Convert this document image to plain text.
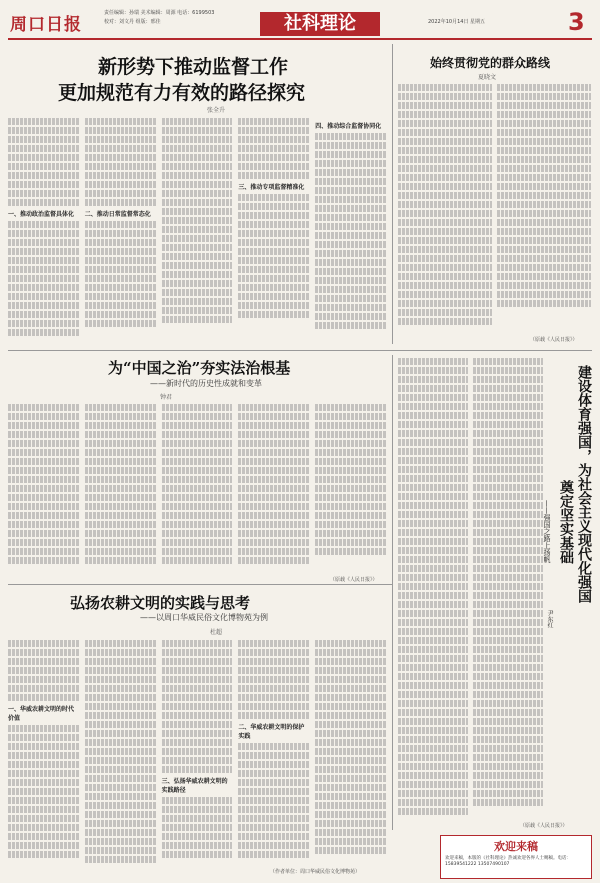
周口日报
责任编辑：孙瑞 美术编辑：周源 电话：6199503
校对：刘文丹 组版：邢佳	社科理论	2022年10月14日 星期五	3
新形势下推动监督工作
更加规范有力有效的路径探究
张全升
一、推动政治监督具体化	二、推动日常监督常态化
三、推动专项监督精准化
四、推动综合监督协同化
始终贯彻党的群众路线
夏晓文
（原载《人民日报》）
为“中国之治”夯实法治根基
——新时代的历史性成就和变革
钟君
（原载《人民日报》）	建设体育强国，为社会主义现代化强国
奠定坚实基础
——强国之路上扬帆
尹东红
（原载《人民日报》）
弘扬农耕文明的实践与思考
——以周口华威民俗文化博物苑为例
杜超
一、华威农耕文明的时代价值
三、弘扬华威农耕文明的实践路径
二、华威农耕文明的保护实践
（作者单位：周口华威民俗文化博物苑）
欢迎来稿
欢迎来稿，本版的《社科理论》热诚欢迎各界人士赐稿。电话：15839541222 13507490107
